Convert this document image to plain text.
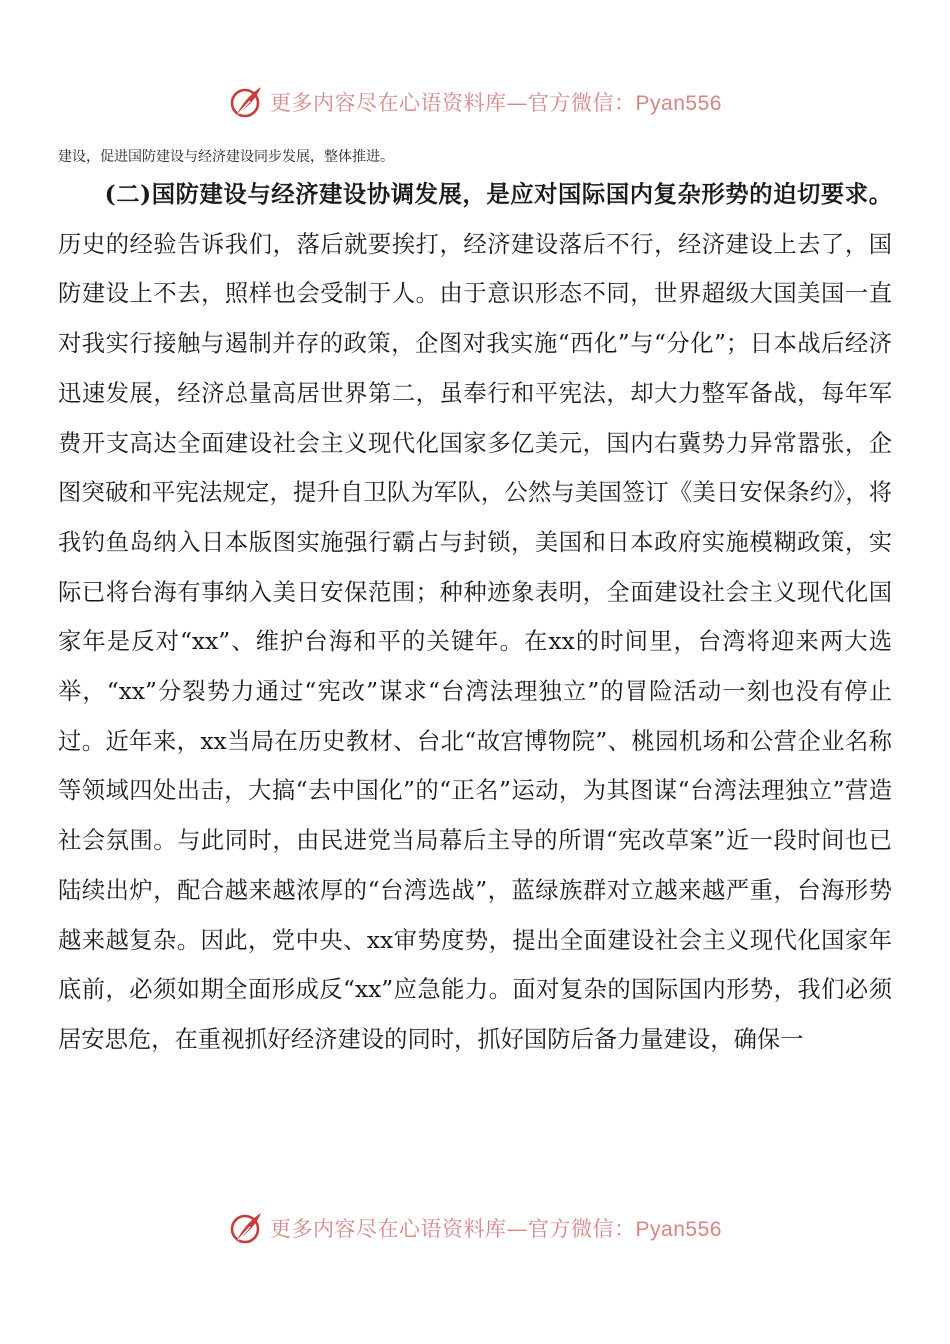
更多内容尽在心语资料库—官方微信：Pyan556
建设，促进国防建设与经济建设同步发展，整体推进。

(二)国防建设与经济建设协调发展，是应对国际国内复杂形势的迫切要求。历史的经验告诉我们，落后就要挨打，经济建设落后不行，经济建设上去了，国防建设上不去，照样也会受制于人。由于意识形态不同，世界超级大国美国一直对我实行接触与遏制并存的政策，企图对我实施“西化”与“分化”；日本战后经济迅速发展，经济总量高居世界第二，虽奉行和平宪法，却大力整军备战，每年军费开支高达全面建设社会主义现代化国家多亿美元，国内右冀势力异常嚣张，企图突破和平宪法规定，提升自卫队为军队，公然与美国签订《美日安保条约》，将我钓鱼岛纳入日本版图实施强行霸占与封锁，美国和日本政府实施模糊政策，实际已将台海有事纳入美日安保范围；种种迹象表明，全面建设社会主义现代化国家年是反对“xx”、维护台海和平的关键年。在xx的时间里，台湾将迎来两大选举，“xx”分裂势力通过“宪改”谋求“台湾法理独立”的冒险活动一刻也没有停止过。近年来，xx当局在历史教材、台北“故宫博物院”、桃园机场和公营企业名称等领域四处出击，大搞“去中国化”的“正名”运动，为其图谋“台湾法理独立”营造社会氛围。与此同时，由民进党当局幕后主导的所谓“宪改草案”近一段时间也已陆续出炉，配合越来越浓厚的“台湾选战”，蓝绿族群对立越来越严重，台海形势越来越复杂。因此，党中央、xx审势度势，提出全面建设社会主义现代化国家年底前，必须如期全面形成反“xx”应急能力。面对复杂的国际国内形势，我们必须居安思危，在重视抓好经济建设的同时，抓好国防后备力量建设，确保一

更多内容尽在心语资料库—官方微信：Pyan556
